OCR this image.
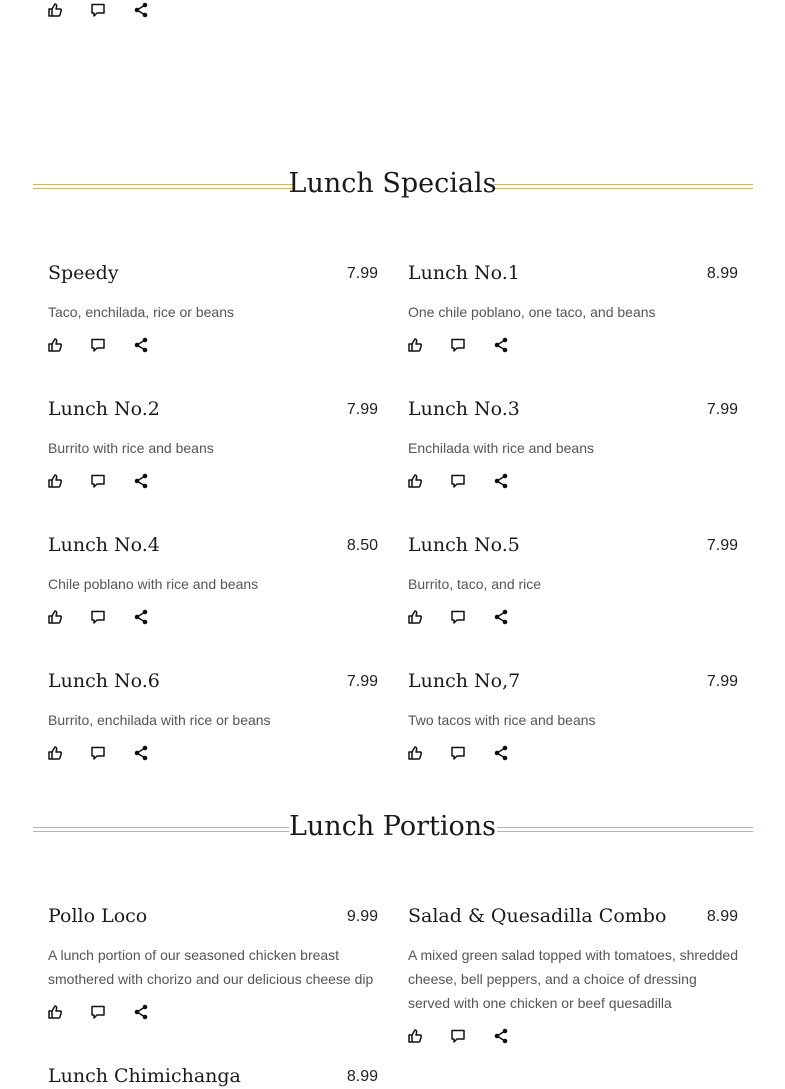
Lunch Specials
Speedy	7.99
Taco, enchilada, rice or beans
Lunch No.1	8.99
One chile poblano, one taco, and beans
Lunch No.2	7.99
Burrito with rice and beans
Lunch No.3	7.99
Enchilada with rice and beans
Lunch No.4	8.50
Chile poblano with rice and beans
Lunch No.5	7.99
Burrito, taco, and rice
Lunch No.6	7.99
Burrito, enchilada with rice or beans
Lunch No,7	7.99
Two tacos with rice and beans
Lunch Portions
Pollo Loco	9.99
A lunch portion of our seasoned chicken breast smothered with chorizo and our delicious cheese dip
Salad & Quesadilla Combo	8.99
A mixed green salad topped with tomatoes, shredded cheese, bell peppers, and a choice of dressing served with one chicken or beef quesadilla
Lunch Chimichanga	8.99
